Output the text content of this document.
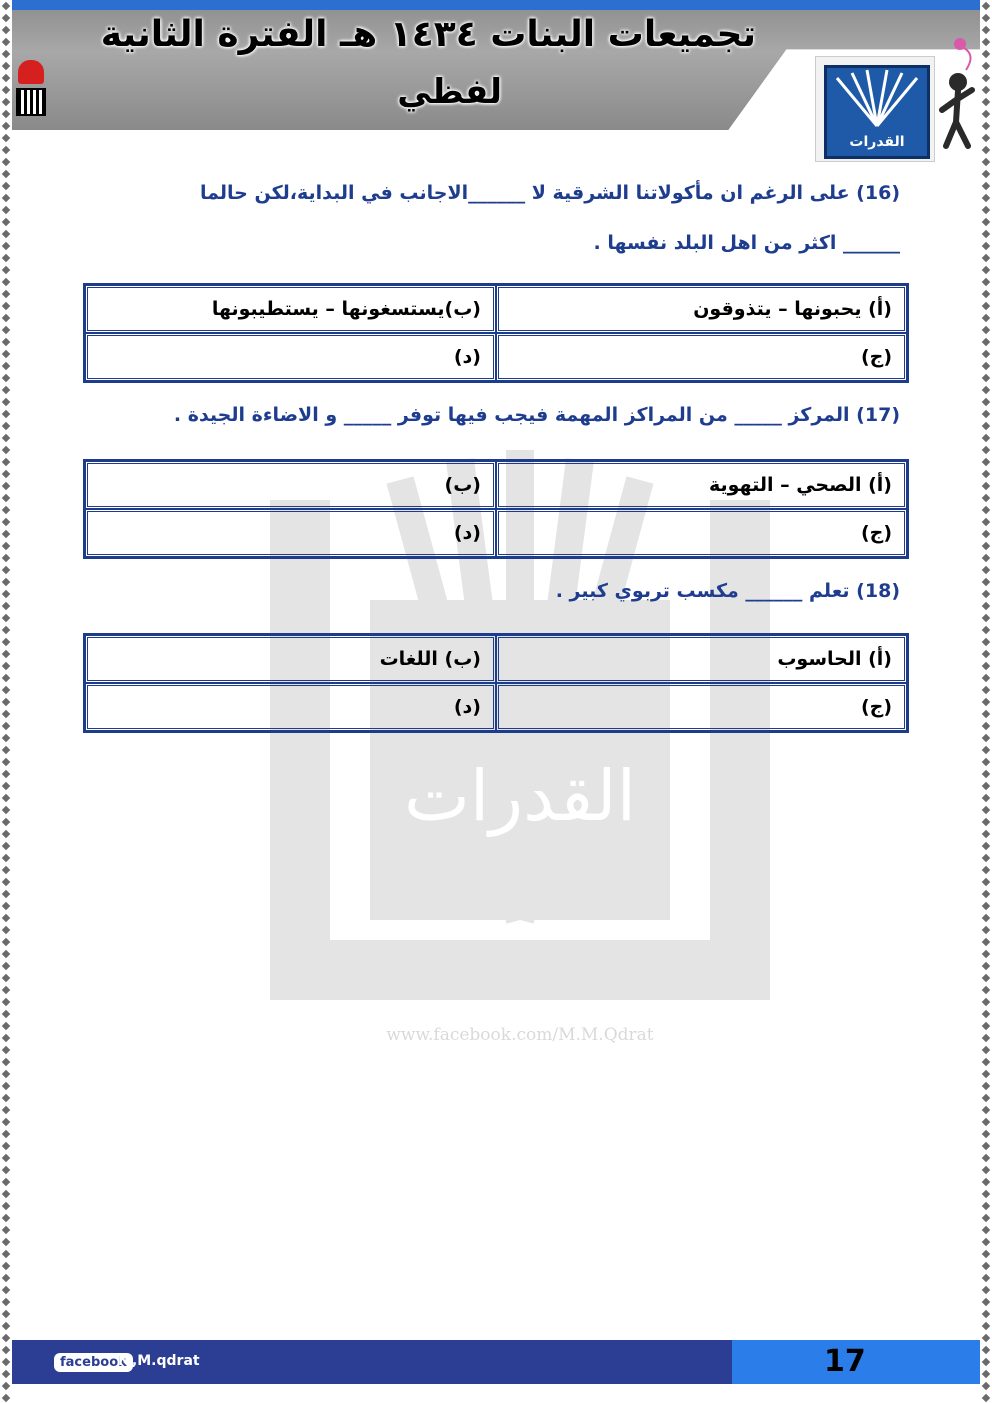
تجميعات البنات ١٤٣٤ هـ الفترة الثانية
لفظي
القدرات
القدرات
www.facebook.com/M.M.Qdrat
(16) على الرغم ان مأكولاتنا الشرقية لا ______الاجانب في البداية،لكن حالما
______ اكثر من اهل البلد نفسها .
(أ) يحبونها – يتذوقون	(ب)يستسغونها – يستطيبونها
(ج)	(د)
(17) المركز _____ من المراكز المهمة فيجب فيها توفر _____ و الاضاءة الجيدة .
(أ) الصحي – التهوية	(ب)
(ج)	(د)
(18) تعلم ______ مكسب تربوي كبير .
(أ) الحاسوب	(ب) اللغات
(ج)	(د)
facebook
M,M.qdrat	17
